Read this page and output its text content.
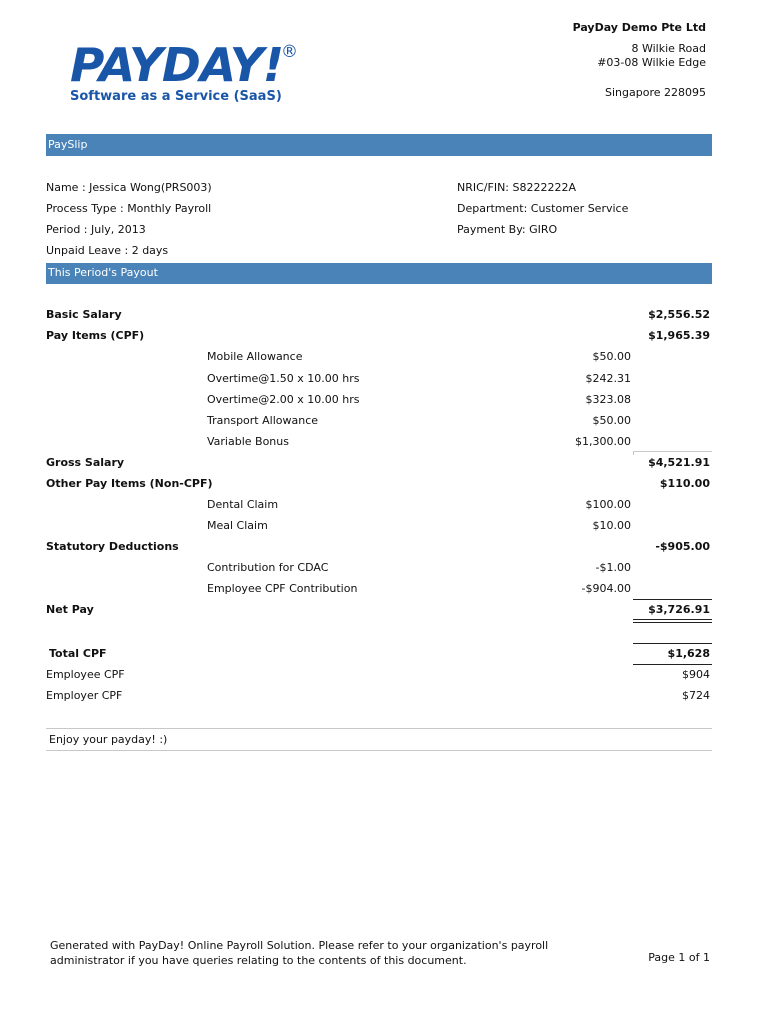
PAYDAY!
®
Software as a Service (SaaS)
PayDay Demo Pte Ltd
8 Wilkie Road
#03-08 Wilkie Edge
Singapore 228095
PaySlip
Name : Jessica Wong(PRS003)
Process Type : Monthly Payroll
Period : July, 2013
Unpaid Leave : 2 days
NRIC/FIN: S8222222A
Department: Customer Service
Payment By: GIRO
This Period's Payout
Basic Salary	$2,556.52
Pay Items (CPF)	$1,965.39
Mobile Allowance	$50.00
Overtime@1.50 x 10.00 hrs	$242.31
Overtime@2.00 x 10.00 hrs	$323.08
Transport Allowance	$50.00
Variable Bonus	$1,300.00
Gross Salary	$4,521.91
Other Pay Items (Non-CPF)	$110.00
Dental Claim	$100.00
Meal Claim	$10.00
Statutory Deductions	-$905.00
Contribution for CDAC	-$1.00
Employee CPF Contribution	-$904.00
Net Pay	$3,726.91
Total CPF	$1,628
Employee CPF	$904
Employer CPF	$724
Enjoy your payday! :)
Generated with PayDay! Online Payroll Solution. Please refer to your organization's payroll
administrator if you have queries relating to the contents of this document.	Page 1 of 1
